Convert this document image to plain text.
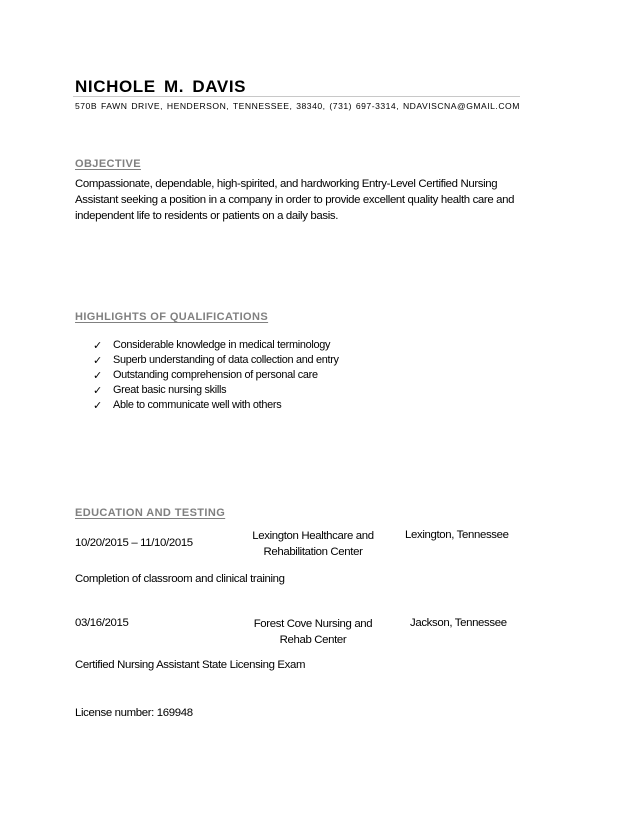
NICHOLE M. DAVIS
570B FAWN DRIVE, HENDERSON, TENNESSEE, 38340, (731) 697-3314, NDAVISCNA@GMAIL.COM
OBJECTIVE
Compassionate, dependable, high-spirited, and hardworking Entry-Level Certified Nursing Assistant seeking a position in a company in order to provide excellent quality health care and independent life to residents or patients on a daily basis.
HIGHLIGHTS OF QUALIFICATIONS
✓ Considerable knowledge in medical terminology
✓ Superb understanding of data collection and entry
✓ Outstanding comprehension of personal care
✓ Great basic nursing skills
✓ Able to communicate well with others
EDUCATION AND TESTING
10/20/2015 – 11/10/2015
Lexington Healthcare and
Rehabilitation Center
Lexington, Tennessee
Completion of classroom and clinical training
03/16/2015	Forest Cove Nursing and
Rehab Center
Jackson, Tennessee
Certified Nursing Assistant State Licensing Exam
License number: 169948
